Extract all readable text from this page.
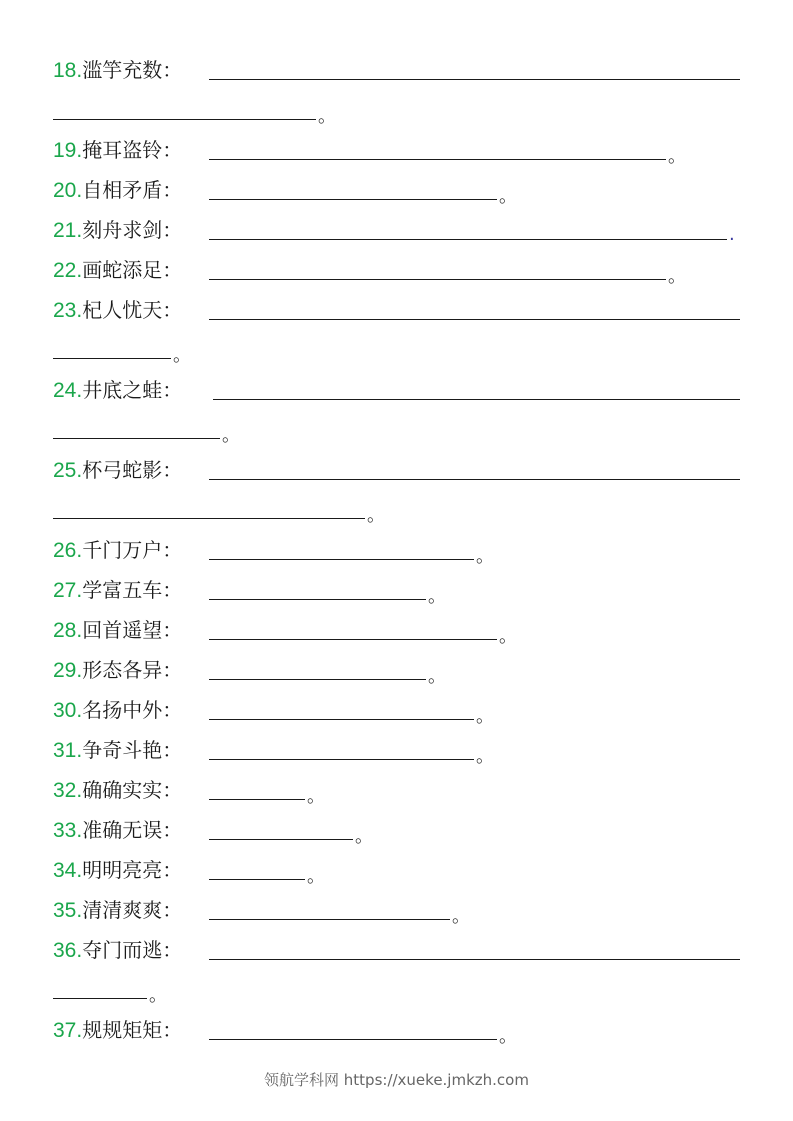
18.滥竽充数：
。
19.掩耳盗铃：	。
20.自相矛盾：	。
21.刻舟求剑：	.
22.画蛇添足：	。
23.杞人忧天：
。
24.井底之蛙：
。
25.杯弓蛇影：
。
26.千门万户：	。
27.学富五车：	。
28.回首遥望：	。
29.形态各异：	。
30.名扬中外：	。
31.争奇斗艳：	。
32.确确实实：	。
33.准确无误：	。
34.明明亮亮：	。
35.清清爽爽：	。
36.夺门而逃：
。
37.规规矩矩：	。
领航学科网 https://xueke.jmkzh.com
